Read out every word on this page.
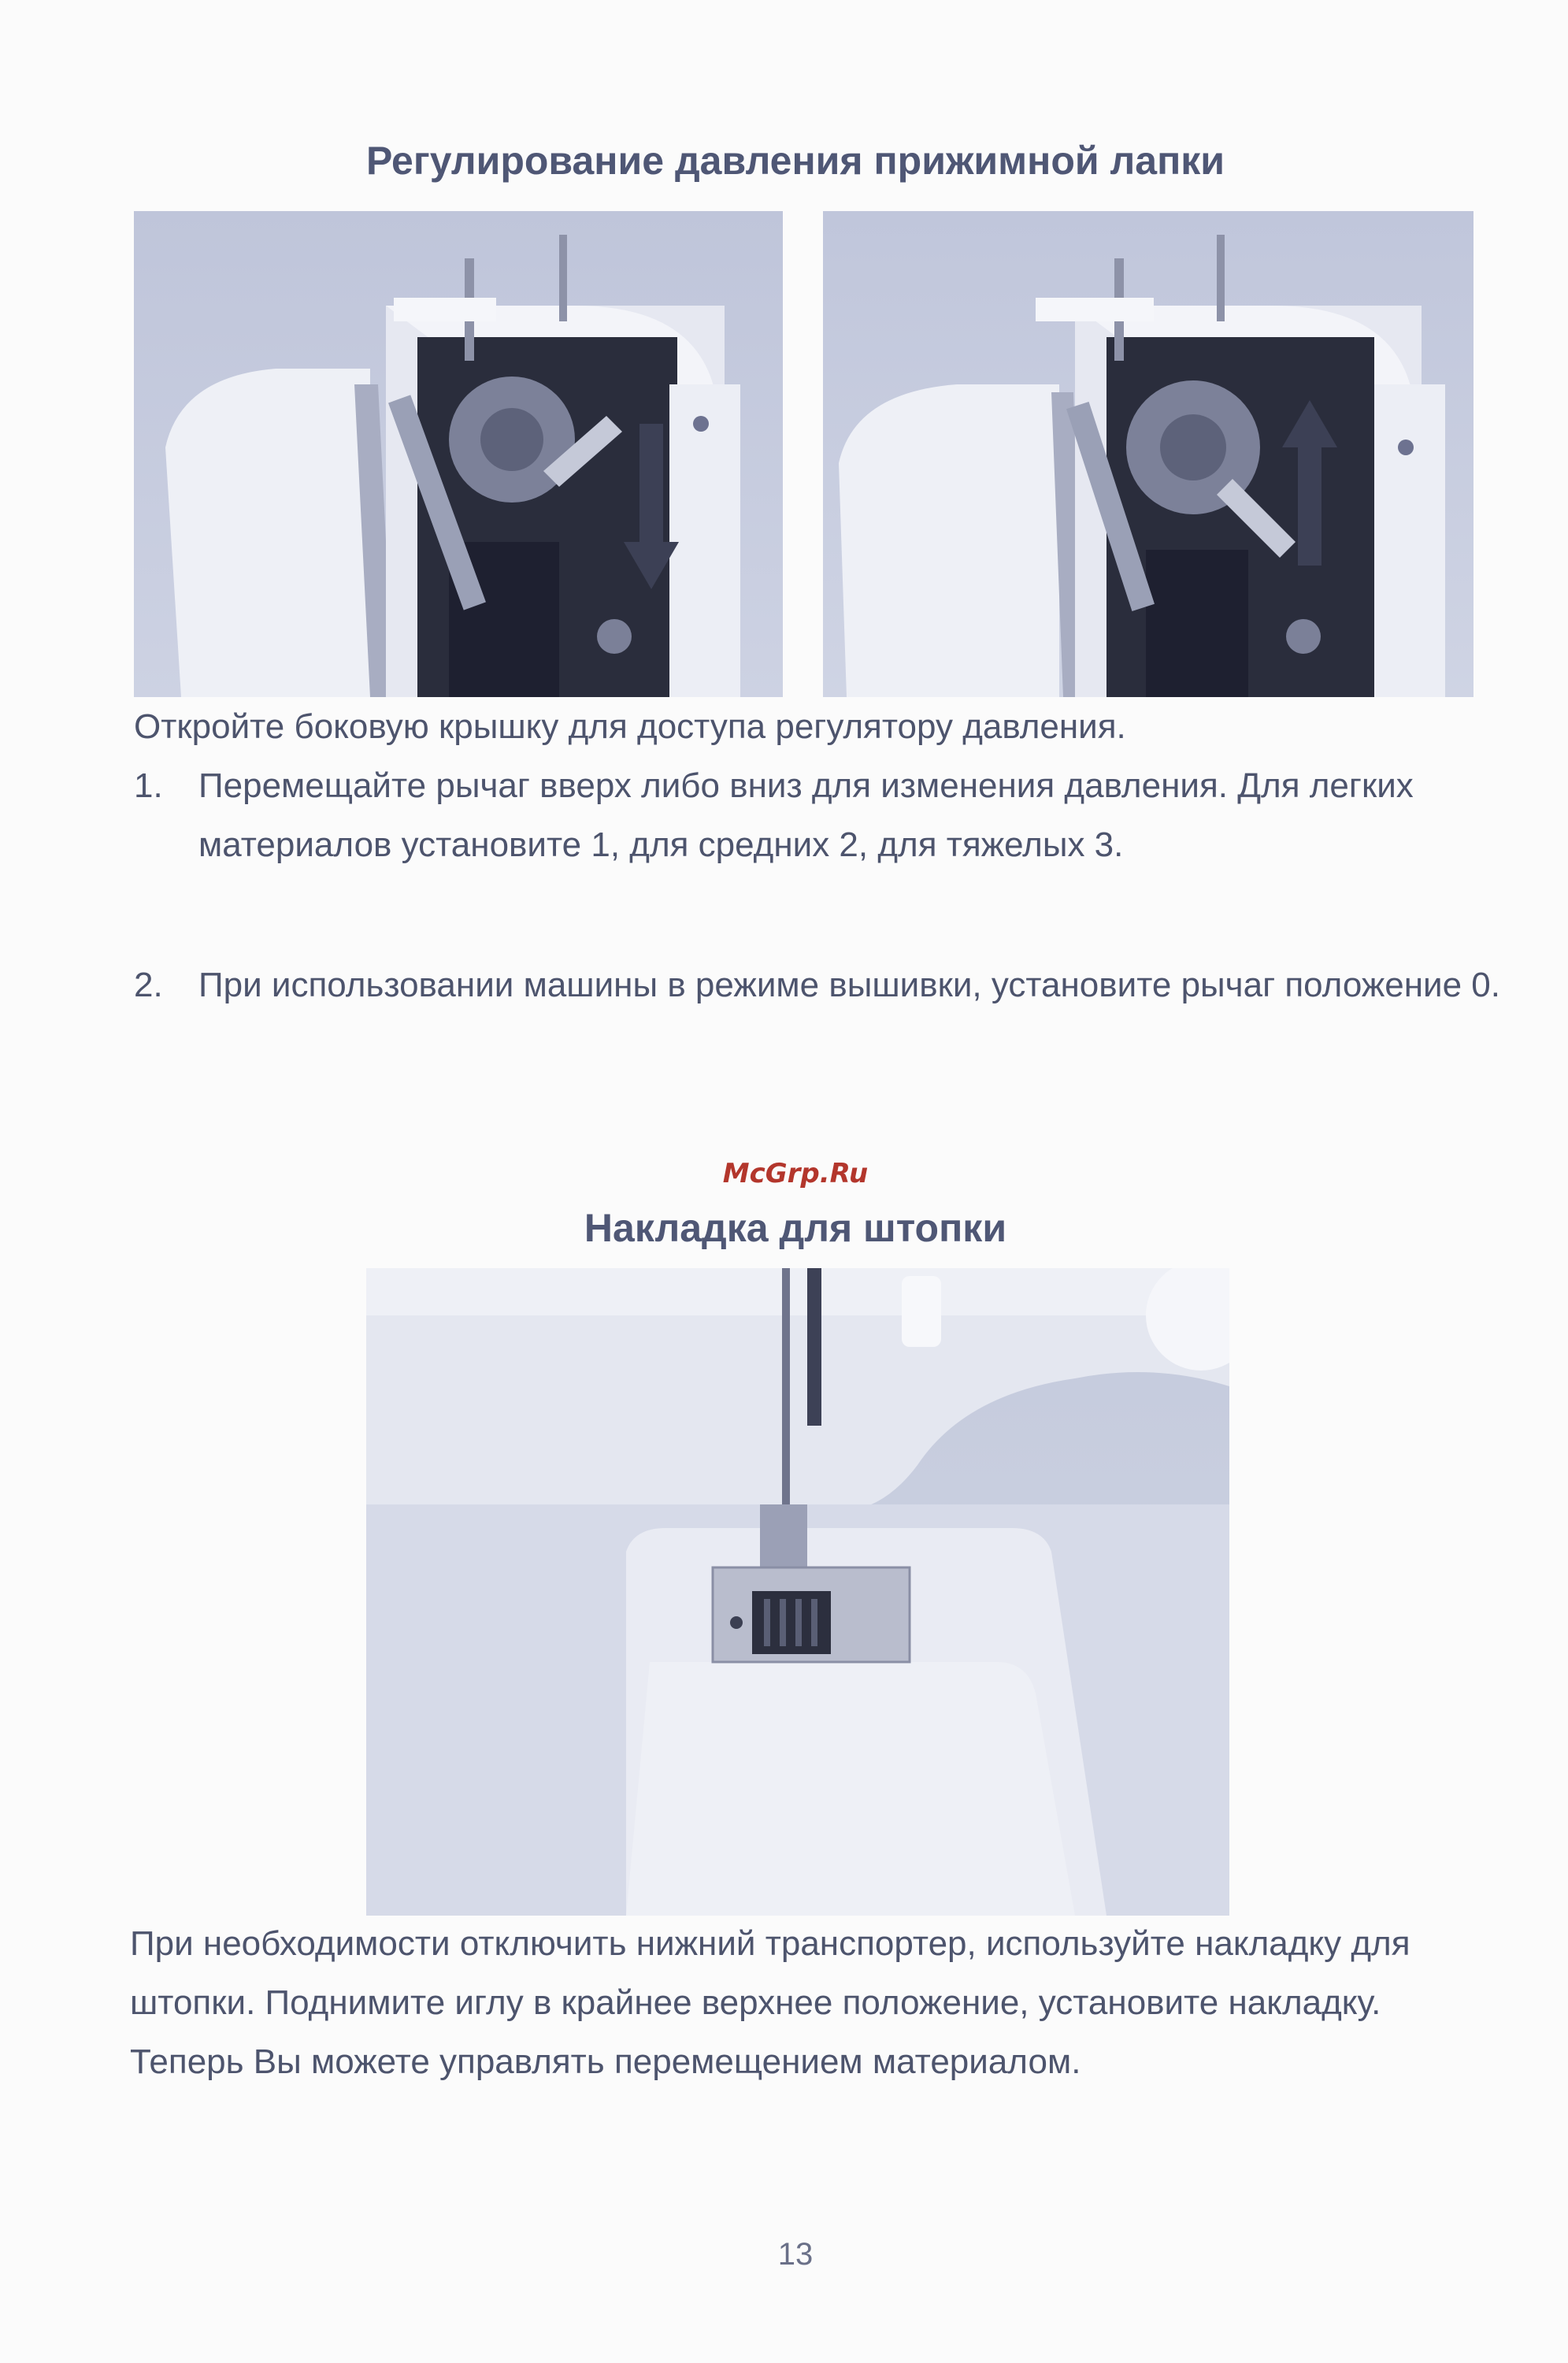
Регулирование давления прижимной лапки
Откройте боковую крышку для доступа регулятору давления.
1. Перемещайте рычаг вверх либо вниз для изменения давления. Для легких материалов установите 1, для средних 2, для тяжелых 3.
2. При использовании машины в режиме вышивки, установите рычаг положение 0.
McGrp.Ru
Накладка для штопки
При необходимости отключить нижний транспортер, используйте накладку для штопки. Поднимите иглу в крайнее верхнее положение, установите накладку. Теперь Вы можете управлять перемещением материалом.
13
